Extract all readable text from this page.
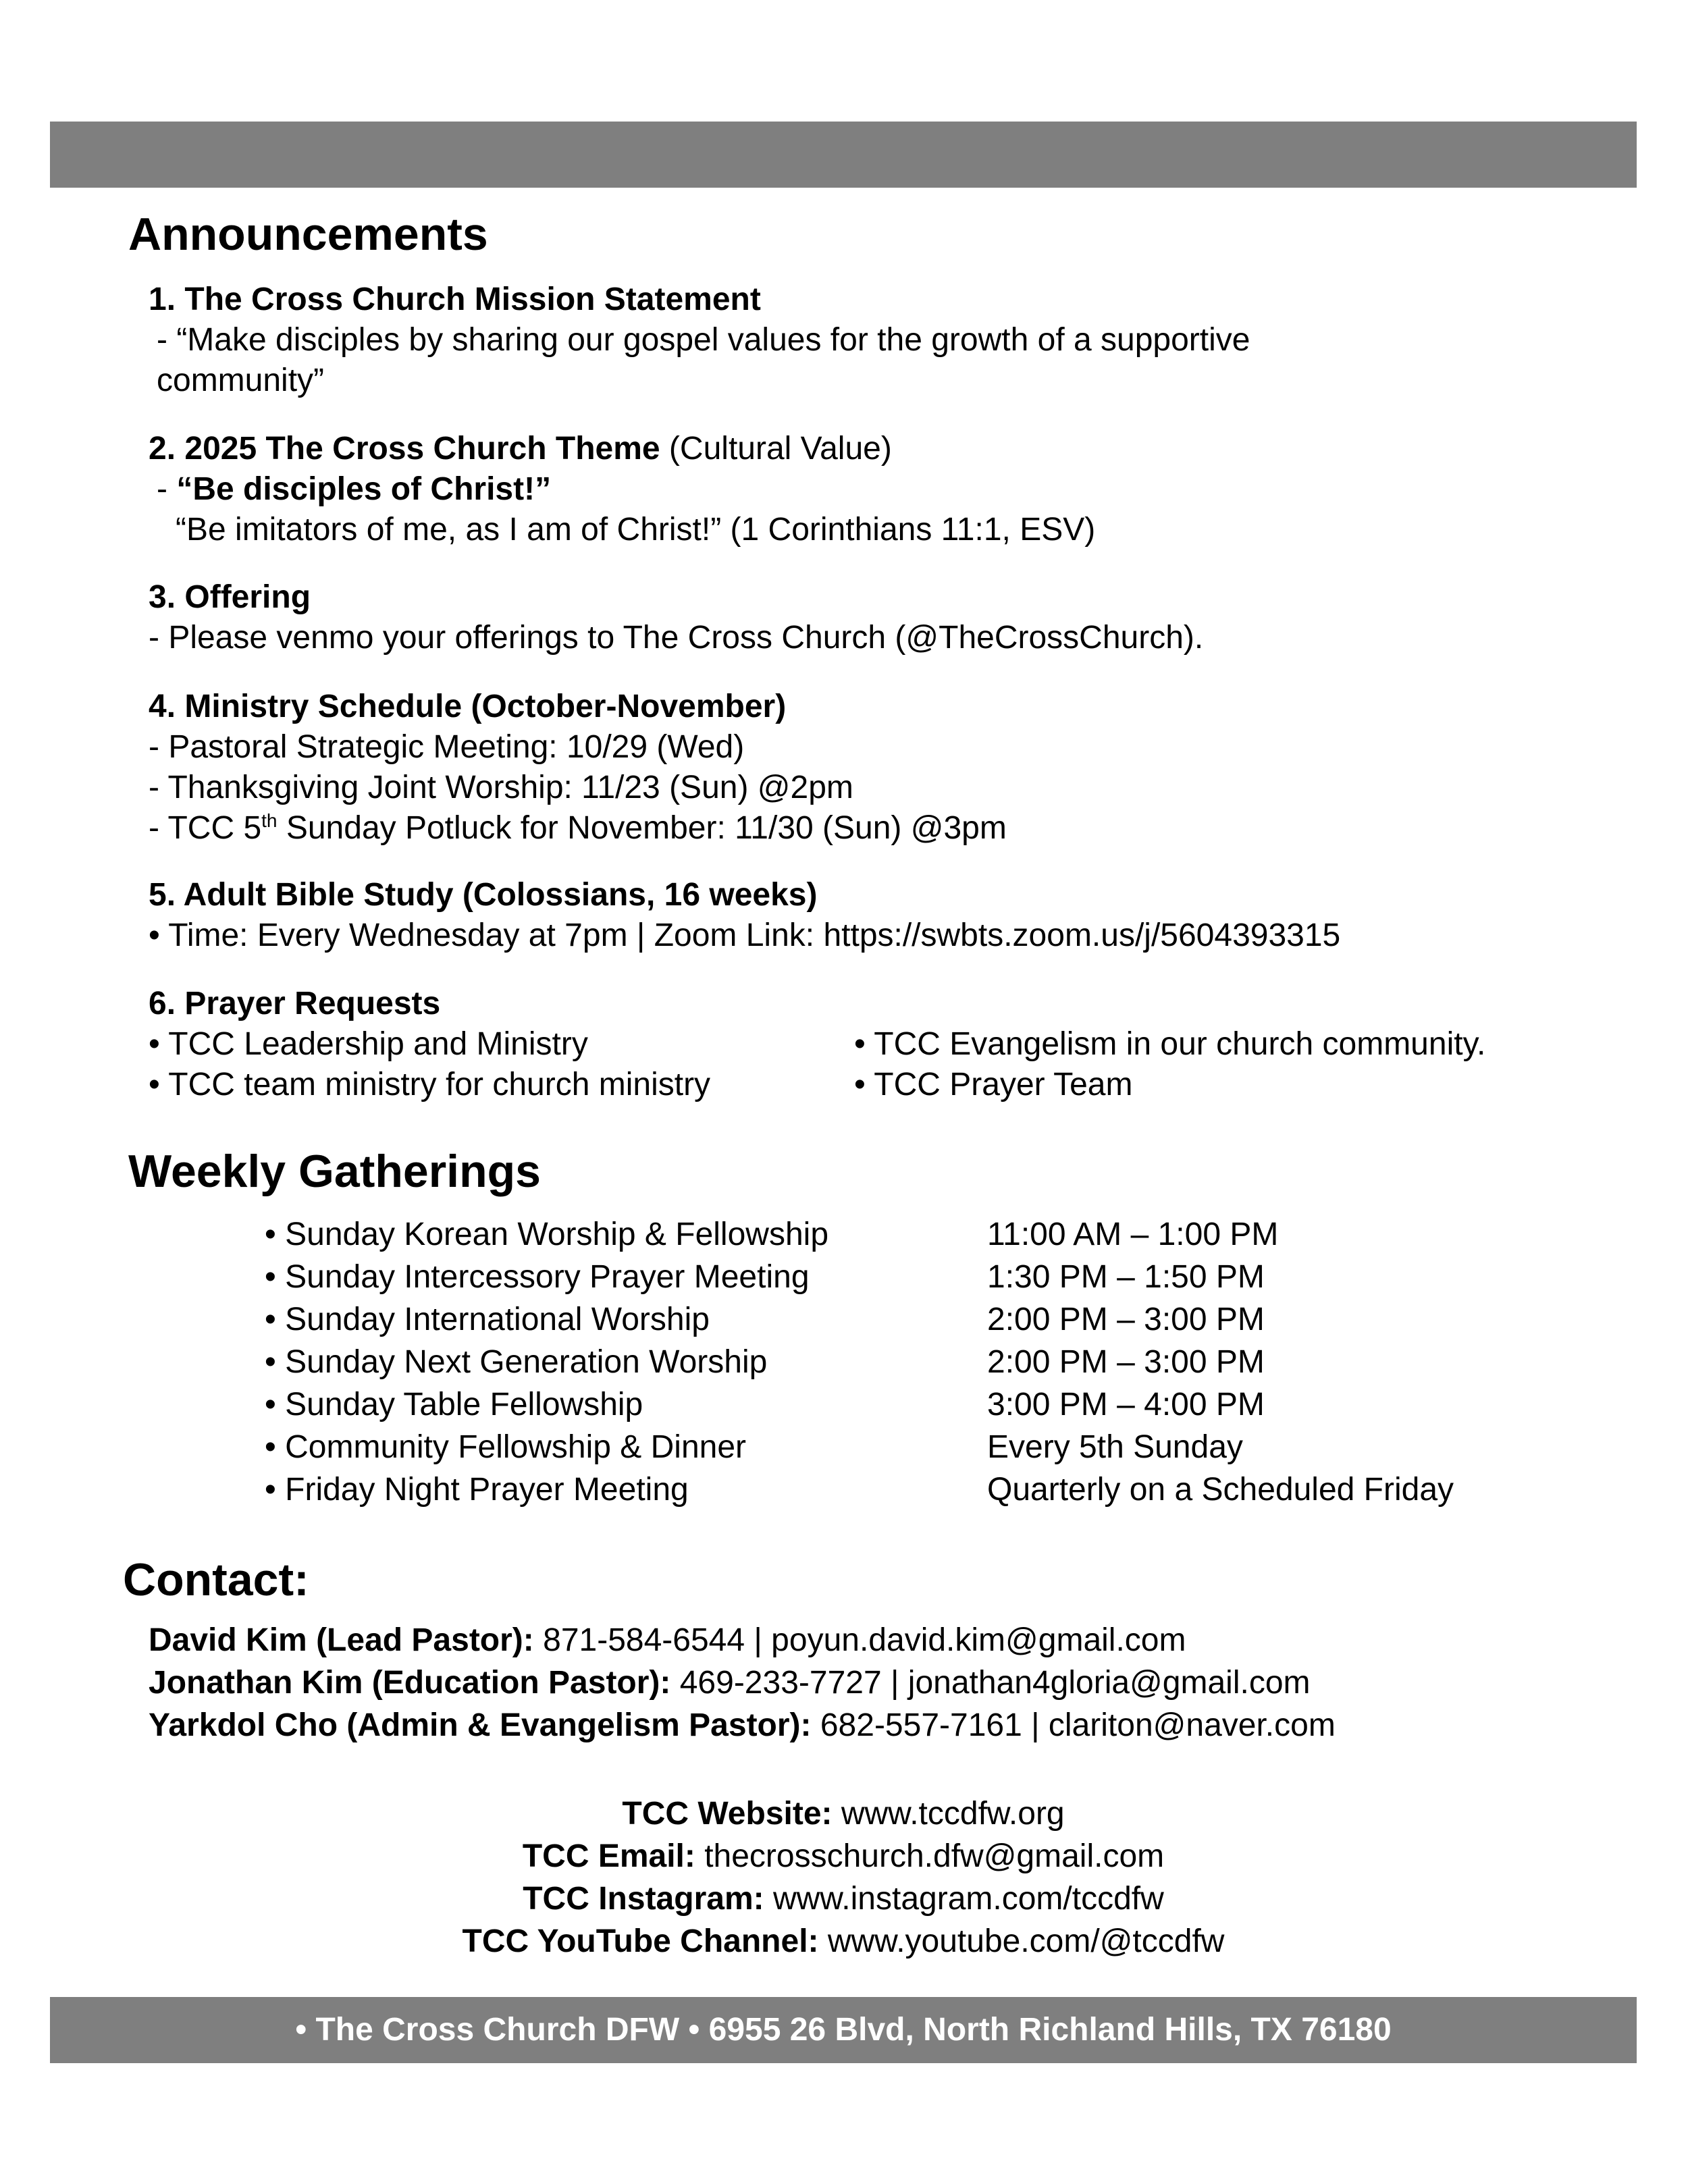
Announcements
1. The Cross Church Mission Statement
- “Make disciples by sharing our gospel values for the growth of a supportive
community”
2. 2025 The Cross Church Theme (Cultural Value)
- “Be disciples of Christ!”
“Be imitators of me, as I am of Christ!” (1 Corinthians 11:1, ESV)
3. Offering
- Please venmo your offerings to The Cross Church (@TheCrossChurch).
4. Ministry Schedule (October-November)
- Pastoral Strategic Meeting: 10/29 (Wed)
- Thanksgiving Joint Worship: 11/23 (Sun) @2pm
- TCC 5th Sunday Potluck for November: 11/30 (Sun) @3pm
5. Adult Bible Study (Colossians, 16 weeks)
• Time: Every Wednesday at 7pm | Zoom Link: https://swbts.zoom.us/j/5604393315
6. Prayer Requests
• TCC Leadership and Ministry	• TCC Evangelism in our church community.
• TCC team ministry for church ministry	• TCC Prayer Team
Weekly Gatherings
• Sunday Korean Worship & Fellowship	11:00 AM – 1:00 PM
• Sunday Intercessory Prayer Meeting	1:30 PM – 1:50 PM
• Sunday International Worship	2:00 PM – 3:00 PM
• Sunday Next Generation Worship	2:00 PM – 3:00 PM
• Sunday Table Fellowship	3:00 PM – 4:00 PM
• Community Fellowship & Dinner	Every 5th Sunday
• Friday Night Prayer Meeting	Quarterly on a Scheduled Friday
Contact:
David Kim (Lead Pastor): 871-584-6544 | poyun.david.kim@gmail.com
Jonathan Kim (Education Pastor): 469-233-7727 | jonathan4gloria@gmail.com
Yarkdol Cho (Admin & Evangelism Pastor): 682-557-7161 | clariton@naver.com
TCC Website: www.tccdfw.org
TCC Email: thecrosschurch.dfw@gmail.com
TCC Instagram: www.instagram.com/tccdfw
TCC YouTube Channel: www.youtube.com/@tccdfw
• The Cross Church DFW • 6955 26 Blvd, North Richland Hills, TX 76180
